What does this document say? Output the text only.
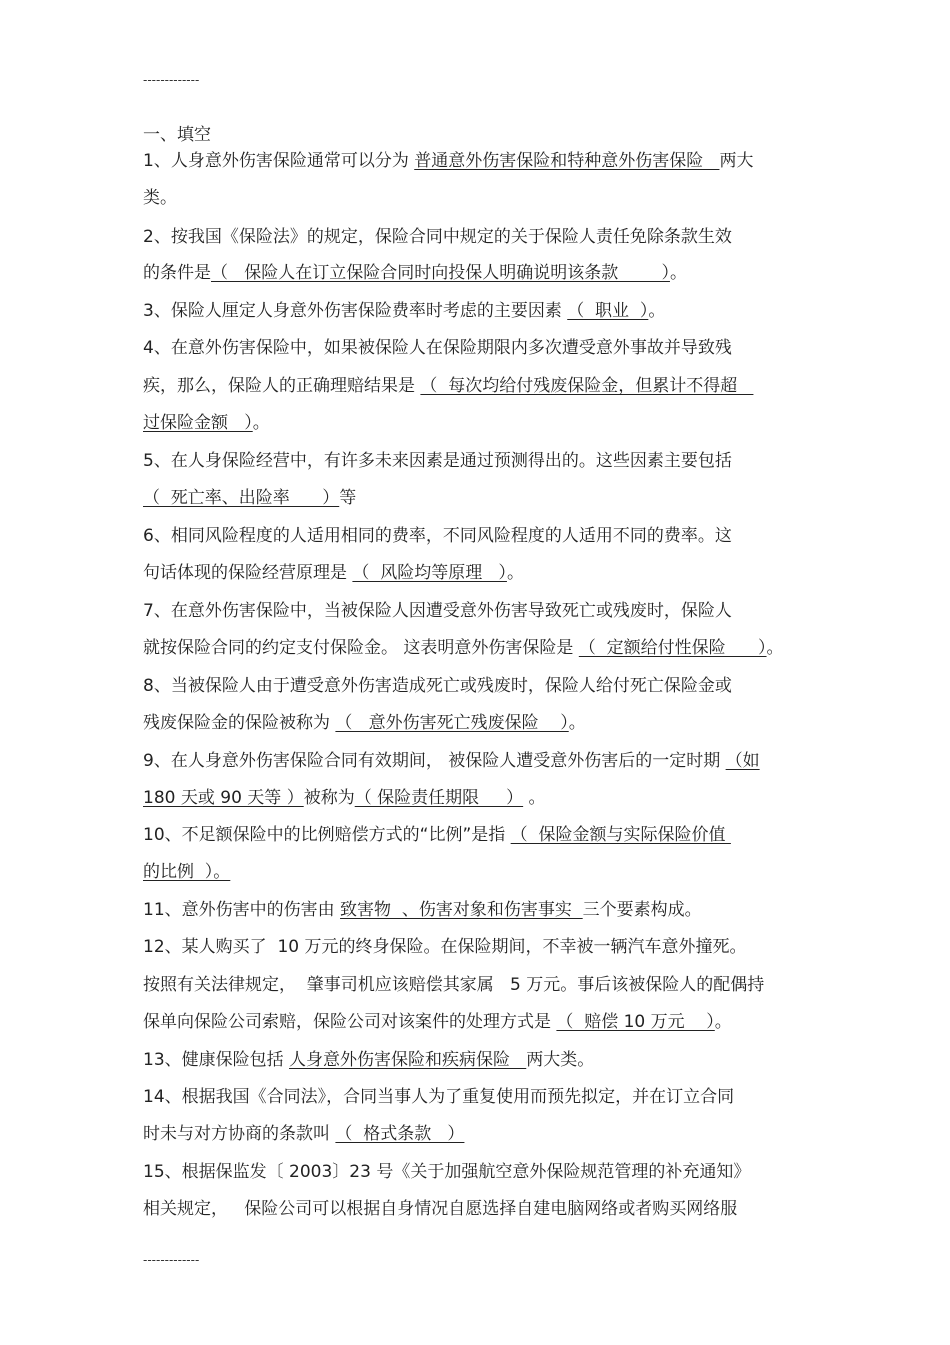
-------------
一、填空
1、人身意外伤害保险通常可以分为 普通意外伤害保险和特种意外伤害保险   两大
类。
2、按我国《保险法》的规定，保险合同中规定的关于保险人责任免除条款生效
的条件是（   保险人在订立保险合同时向投保人明确说明该条款        ）。
3、保险人厘定人身意外伤害保险费率时考虑的主要因素 （  职业  ）。
4、在意外伤害保险中，如果被保险人在保险期限内多次遭受意外事故并导致残
疾，那么，保险人的正确理赔结果是 （  每次均给付残废保险金，但累计不得超
过保险金额   ）。
5、在人身保险经营中，有许多未来因素是通过预测得出的。这些因素主要包括
（  死亡率、出险率      ）等
6、相同风险程度的人适用相同的费率，不同风险程度的人适用不同的费率。这
句话体现的保险经营原理是 （  风险均等原理   ）。
7、在意外伤害保险中，当被保险人因遭受意外伤害导致死亡或残废时，保险人
就按保险合同的约定支付保险金。 这表明意外伤害保险是 （  定额给付性保险      ）。
8、当被保险人由于遭受意外伤害造成死亡或残废时，保险人给付死亡保险金或
残废保险金的保险被称为 （   意外伤害死亡残废保险    ）。
9、在人身意外伤害保险合同有效期间， 被保险人遭受意外伤害后的一定时期 （如
180 天或 90 天等 ）被称为（ 保险责任期限     ） 。
10、不足额保险中的比例赔偿方式的“比例”是指 （  保险金额与实际保险价值
的比例  ）。
11、意外伤害中的伤害由 致害物  、伤害对象和伤害事实  三个要素构成。
12、某人购买了  10 万元的终身保险。在保险期间，不幸被一辆汽车意外撞死。
按照有关法律规定，  肇事司机应该赔偿其家属   5 万元。事后该被保险人的配偶持
保单向保险公司索赔，保险公司对该案件的处理方式是 （  赔偿 10 万元    ）。
13、健康保险包括 人身意外伤害保险和疾病保险   两大类。
14、根据我国《合同法》，合同当事人为了重复使用而预先拟定，并在订立合同
时未与对方协商的条款叫 （  格式条款   ）
15、根据保监发〔 2003〕23 号《关于加强航空意外保险规范管理的补充通知》
相关规定，   保险公司可以根据自身情况自愿选择自建电脑网络或者购买网络服
-------------
